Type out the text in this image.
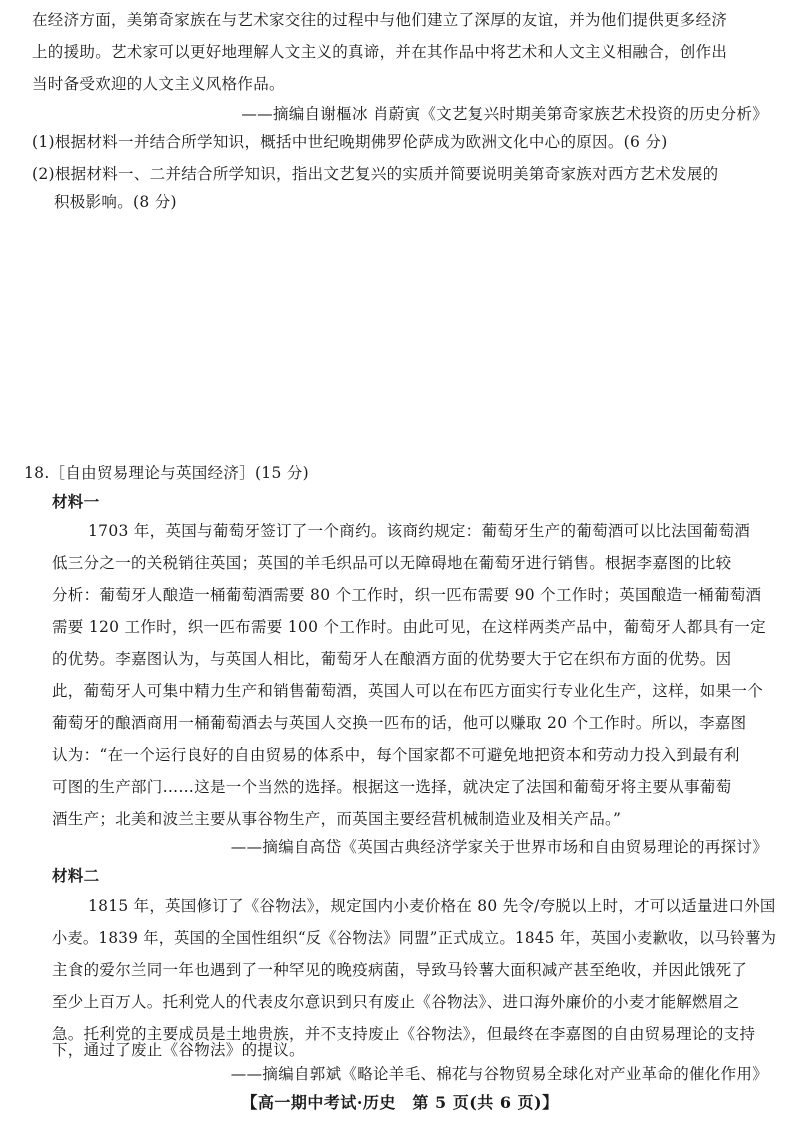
在经济方面，美第奇家族在与艺术家交往的过程中与他们建立了深厚的友谊，并为他们提供更多经济
上的援助。艺术家可以更好地理解人文主义的真谛，并在其作品中将艺术和人文主义相融合，创作出
当时备受欢迎的人文主义风格作品。
——摘编自谢樞冰 肖蔚寅《文艺复兴时期美第奇家族艺术投资的历史分析》
(1)根据材料一并结合所学知识，概括中世纪晚期佛罗伦萨成为欧洲文化中心的原因。(6 分)
(2)根据材料一、二并结合所学知识，指出文艺复兴的实质并简要说明美第奇家族对西方艺术发展的
积极影响。(8 分)
18.［自由贸易理论与英国经济］(15 分)
材料一
1703 年，英国与葡萄牙签订了一个商约。该商约规定：葡萄牙生产的葡萄酒可以比法国葡萄酒
低三分之一的关税销往英国；英国的羊毛织品可以无障碍地在葡萄牙进行销售。根据李嘉图的比较
分析：葡萄牙人酿造一桶葡萄酒需要 80 个工作时，织一匹布需要 90 个工作时；英国酿造一桶葡萄酒
需要 120 工作时，织一匹布需要 100 个工作时。由此可见，在这样两类产品中，葡萄牙人都具有一定
的优势。李嘉图认为，与英国人相比，葡萄牙人在酿酒方面的优势要大于它在织布方面的优势。因
此，葡萄牙人可集中精力生产和销售葡萄酒，英国人可以在布匹方面实行专业化生产，这样，如果一个
葡萄牙的酿酒商用一桶葡萄酒去与英国人交换一匹布的话，他可以赚取 20 个工作时。所以，李嘉图
认为：“在一个运行良好的自由贸易的体系中，每个国家都不可避免地把资本和劳动力投入到最有利
可图的生产部门……这是一个当然的选择。根据这一选择，就决定了法国和葡萄牙将主要从事葡萄
酒生产；北美和波兰主要从事谷物生产，而英国主要经营机械制造业及相关产品。”
——摘编自高岱《英国古典经济学家关于世界市场和自由贸易理论的再探讨》
材料二
1815 年，英国修订了《谷物法》，规定国内小麦价格在 80 先令/夸脱以上时，才可以适量进口外国
小麦。1839 年，英国的全国性组织“反《谷物法》同盟”正式成立。1845 年，英国小麦歉收，以马铃薯为
主食的爱尔兰同一年也遇到了一种罕见的晚疫病菌，导致马铃薯大面积减产甚至绝收，并因此饿死了
至少上百万人。托利党人的代表皮尔意识到只有废止《谷物法》、进口海外廉价的小麦才能解燃眉之
急。托利党的主要成员是土地贵族，并不支持废止《谷物法》，但最终在李嘉图的自由贸易理论的支持
下，通过了废止《谷物法》的提议。
——摘编自郭斌《略论羊毛、棉花与谷物贸易全球化对产业革命的催化作用》
【高一期中考试·历史　第 5 页(共 6 页)】
